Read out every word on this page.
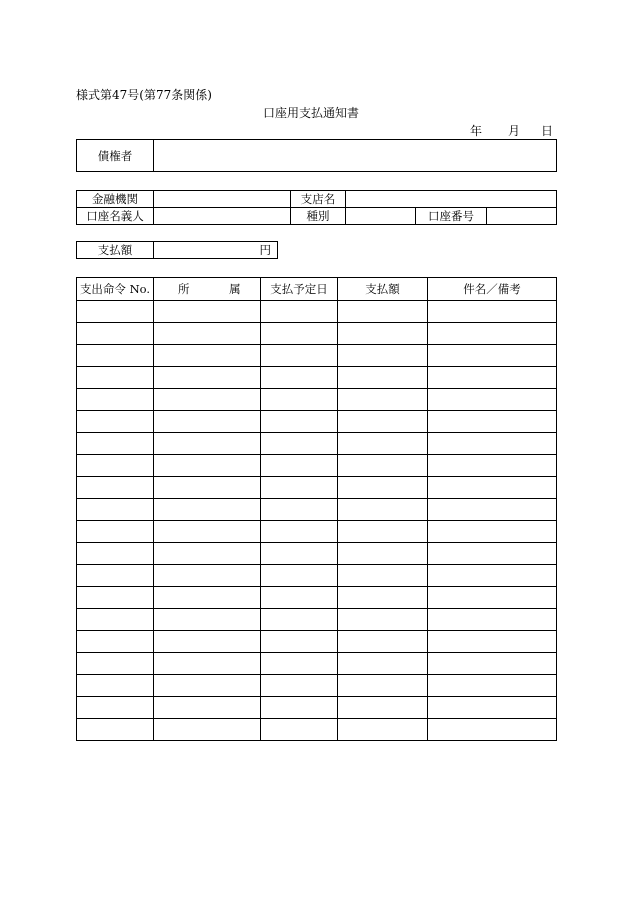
様式第47号(第77条関係)
口座用支払通知書
年 月 日
債権者	
金融機関		支店名			
口座名義人		種別		口座番号	
支払額	円
支出命令 No.	所 属	支払予定日	支払額	件名／備考
